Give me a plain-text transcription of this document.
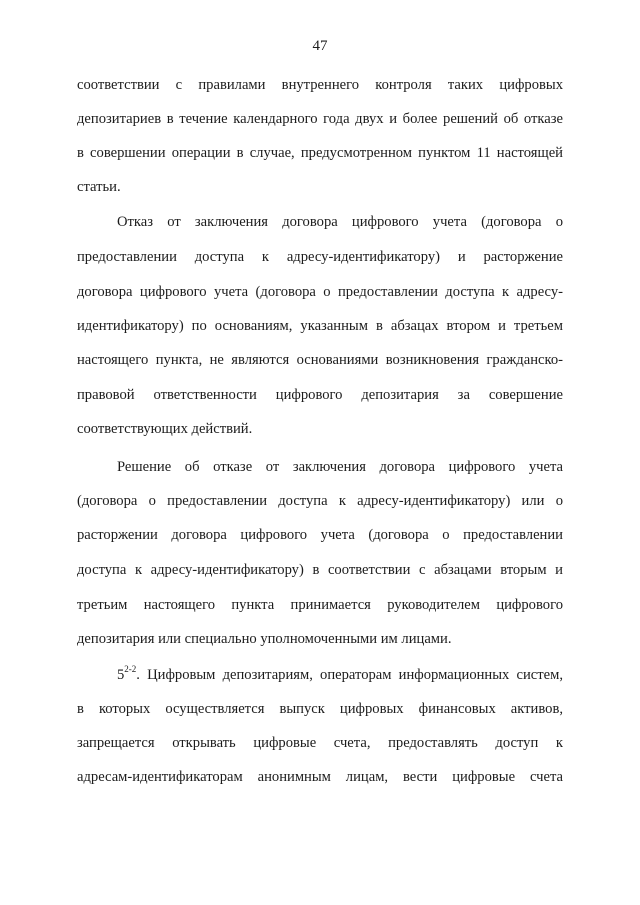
47
соответствии с правилами внутреннего контроля таких цифровых
депозитариев в течение календарного года двух и более решений об отказе
в совершении операции в случае, предусмотренном пунктом 11 настоящей
статьи.
Отказ от заключения договора цифрового учета (договора о
предоставлении доступа к адресу-идентификатору) и расторжение
договора цифрового учета (договора о предоставлении доступа к адресу-
идентификатору) по основаниям, указанным в абзацах втором и третьем
настоящего пункта, не являются основаниями возникновения гражданско-
правовой ответственности цифрового депозитария за совершение
соответствующих действий.
Решение об отказе от заключения договора цифрового учета
(договора о предоставлении доступа к адресу-идентификатору) или о
расторжении договора цифрового учета (договора о предоставлении
доступа к адресу-идентификатору) в соответствии с абзацами вторым и
третьим настоящего пункта принимается руководителем цифрового
депозитария или специально уполномоченными им лицами.
5$^{2-2}$. Цифровым депозитариям, операторам информационных систем,
в которых осуществляется выпуск цифровых финансовых активов,
запрещается открывать цифровые счета, предоставлять доступ к
адресам-идентификаторам анонимным лицам, вести цифровые счета
